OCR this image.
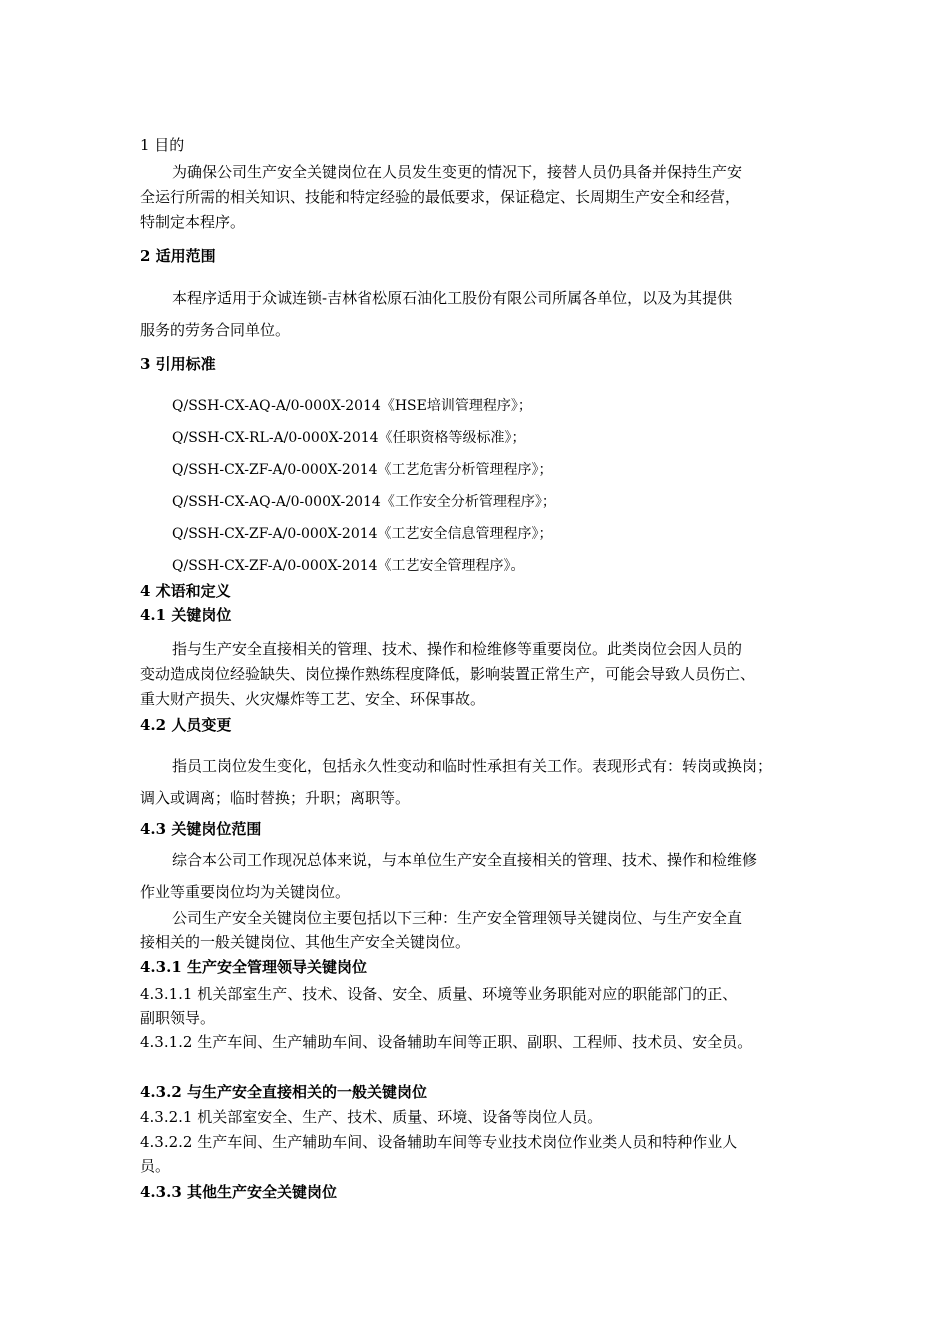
1 目的
为确保公司生产安全关键岗位在人员发生变更的情况下，接替人员仍具备并保持生产安
全运行所需的相关知识、技能和特定经验的最低要求，保证稳定、长周期生产安全和经营，
特制定本程序。
2 适用范围
本程序适用于众诚连锁-吉林省松原石油化工股份有限公司所属各单位，以及为其提供
服务的劳务合同单位。
3 引用标准
Q/SSH-CX-AQ-A/0-000X-2014《HSE培训管理程序》；
Q/SSH-CX-RL-A/0-000X-2014《任职资格等级标准》；
Q/SSH-CX-ZF-A/0-000X-2014《工艺危害分析管理程序》；
Q/SSH-CX-AQ-A/0-000X-2014《工作安全分析管理程序》；
Q/SSH-CX-ZF-A/0-000X-2014《工艺安全信息管理程序》；
Q/SSH-CX-ZF-A/0-000X-2014《工艺安全管理程序》。
4 术语和定义
4.1 关键岗位
指与生产安全直接相关的管理、技术、操作和检维修等重要岗位。此类岗位会因人员的
变动造成岗位经验缺失、岗位操作熟练程度降低，影响装置正常生产，可能会导致人员伤亡、
重大财产损失、火灾爆炸等工艺、安全、环保事故。
4.2 人员变更
指员工岗位发生变化，包括永久性变动和临时性承担有关工作。表现形式有：转岗或换岗；
调入或调离；临时替换；升职；离职等。
4.3 关键岗位范围
综合本公司工作现况总体来说，与本单位生产安全直接相关的管理、技术、操作和检维修
作业等重要岗位均为关键岗位。
公司生产安全关键岗位主要包括以下三种：生产安全管理领导关键岗位、与生产安全直
接相关的一般关键岗位、其他生产安全关键岗位。
4.3.1 生产安全管理领导关键岗位
4.3.1.1 机关部室生产、技术、设备、安全、质量、环境等业务职能对应的职能部门的正、
副职领导。
4.3.1.2 生产车间、生产辅助车间、设备辅助车间等正职、副职、工程师、技术员、安全员。
4.3.2 与生产安全直接相关的一般关键岗位
4.3.2.1 机关部室安全、生产、技术、质量、环境、设备等岗位人员。
4.3.2.2 生产车间、生产辅助车间、设备辅助车间等专业技术岗位作业类人员和特种作业人
员。
4.3.3 其他生产安全关键岗位
